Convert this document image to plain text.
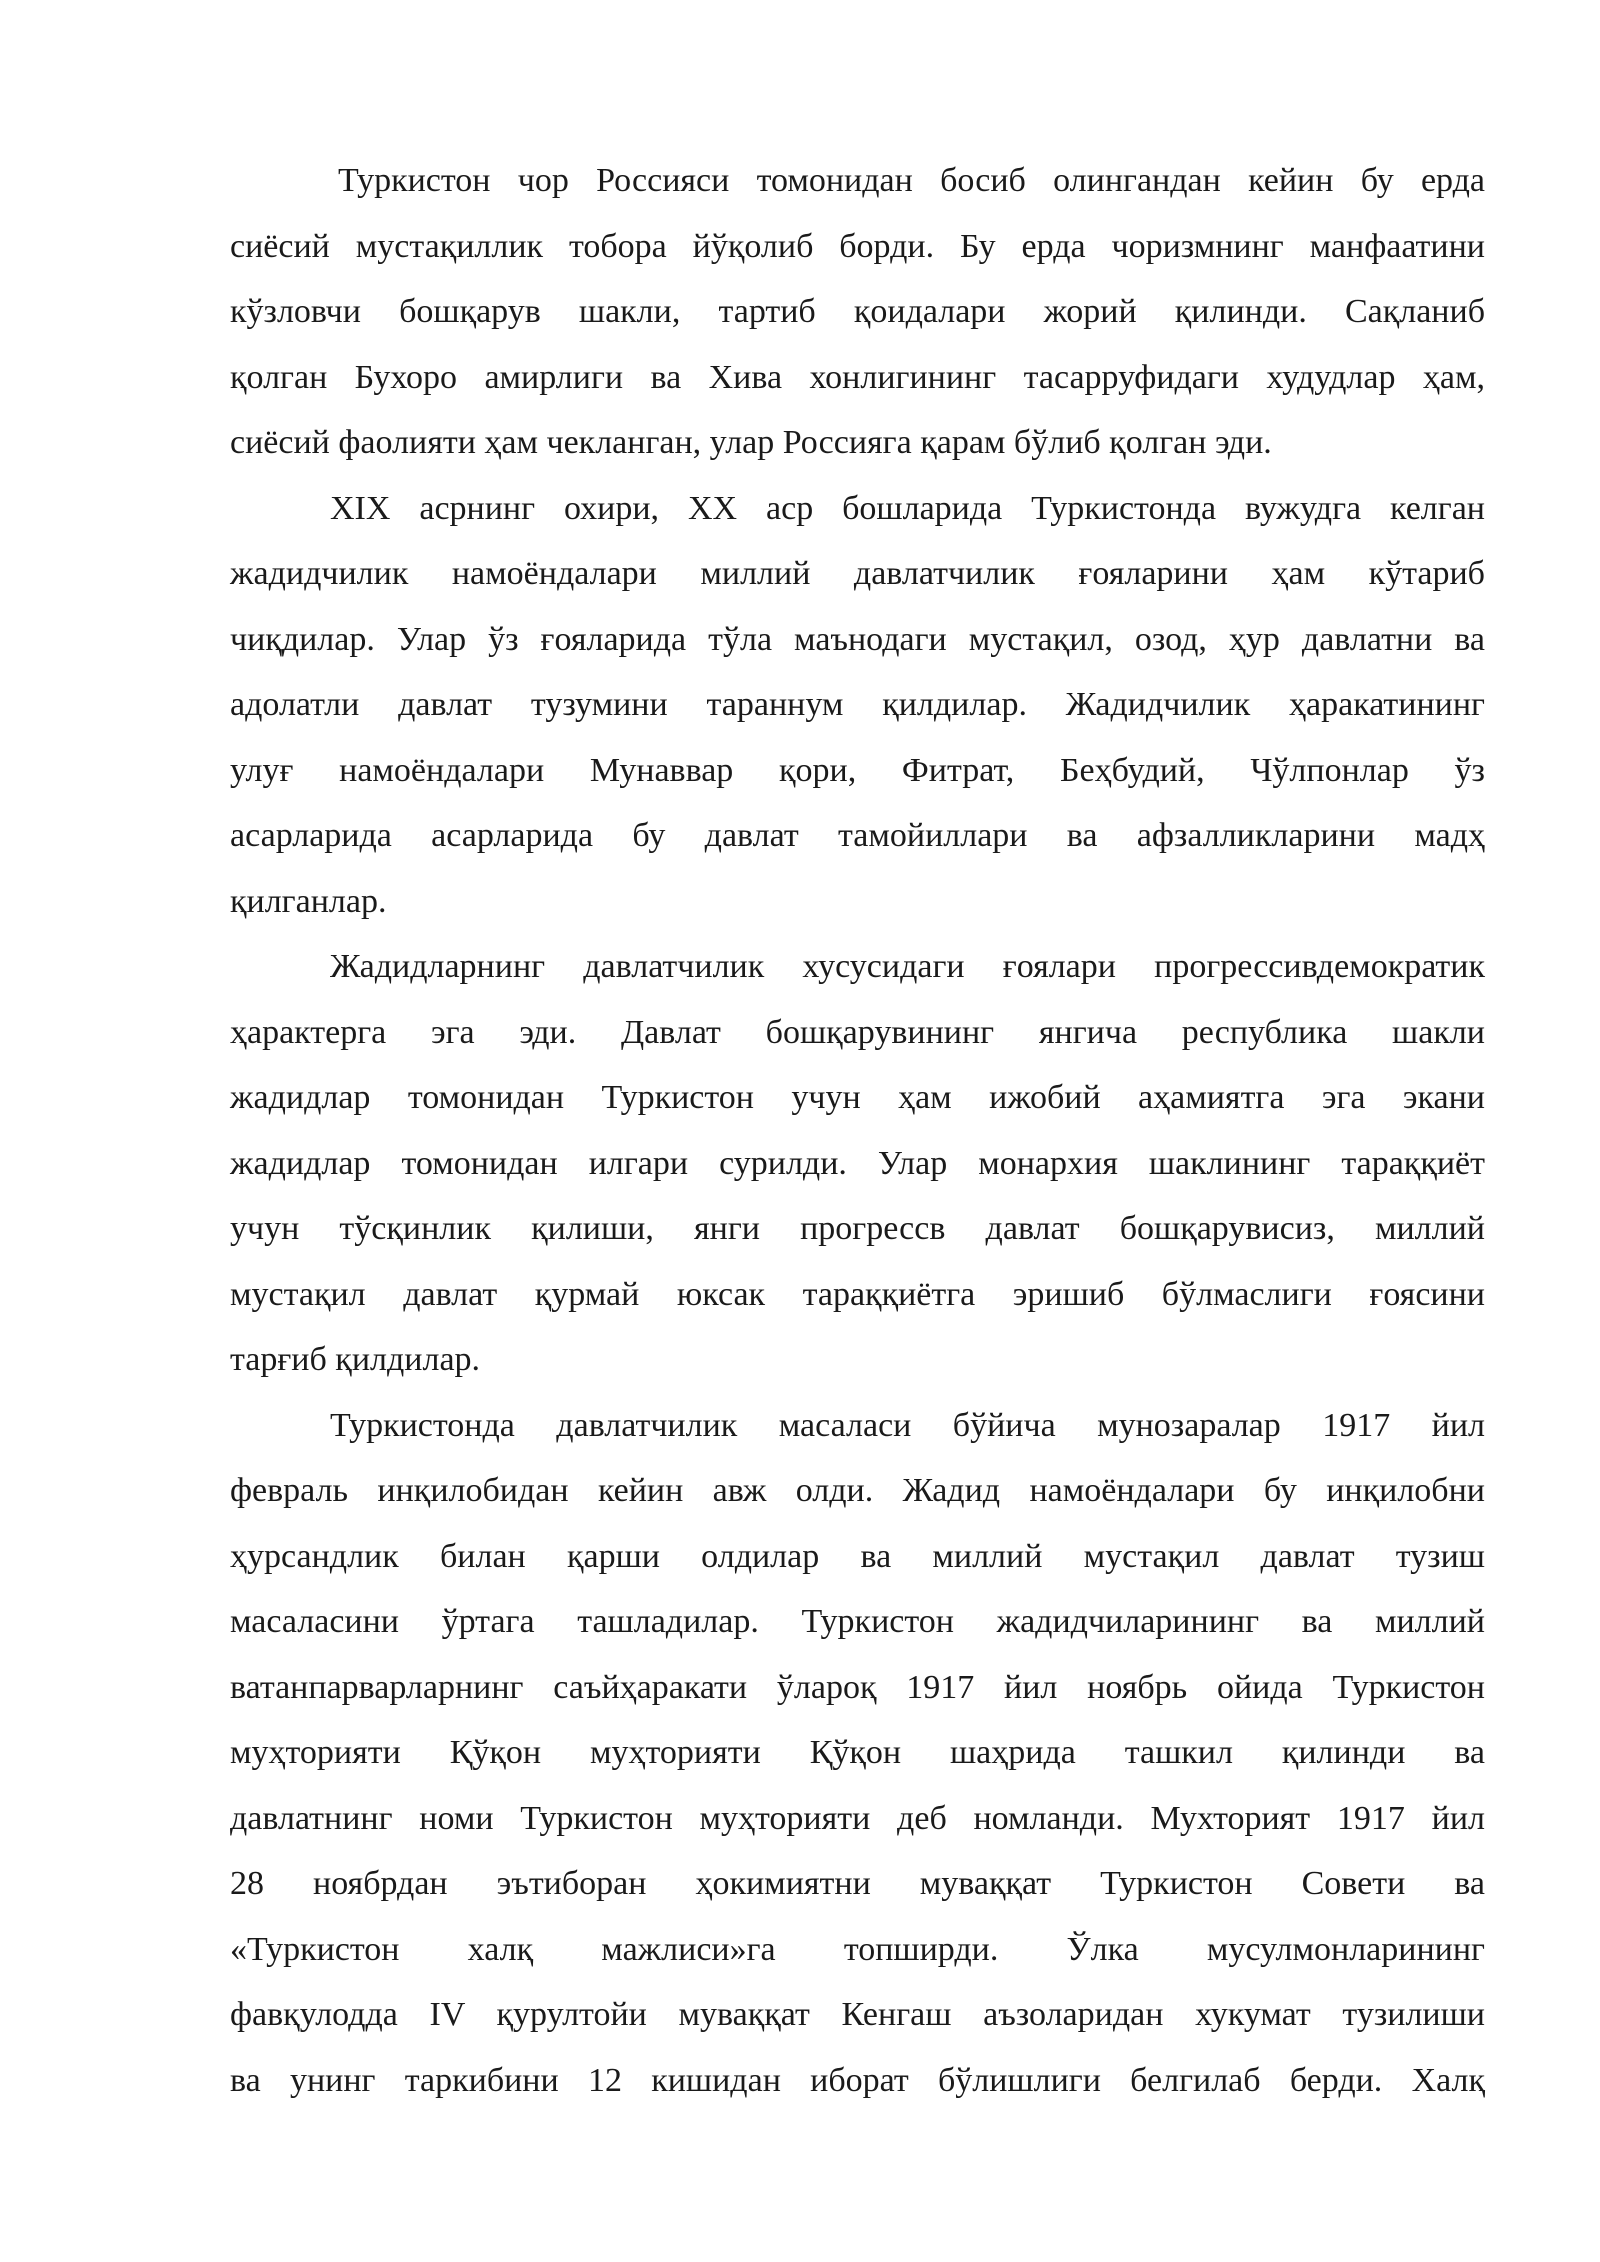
Туркистон чор Россияси томонидан босиб олингандан кейин бу ерда
сиёсий мустақиллик тобора йўқолиб борди. Бу ерда чоризмнинг манфаатини
кўзловчи бошқарув шакли, тартиб қоидалари жорий қилинди. Сақланиб
қолган Бухоро амирлиги ва Хива хонлигининг тасарруфидаги худудлар ҳам,
сиёсий фаолияти ҳам чекланган, улар Россияга қарам бўлиб қолган эди.
XIX асрнинг охири, XX аср бошларида Туркистонда вужудга келган
жадидчилик намоёндалари миллий давлатчилик ғояларини ҳам кўтариб
чиқдилар. Улар ўз ғояларида тўла маънодаги мустақил, озод, ҳур давлатни ва
адолатли давлат тузумини тараннум қилдилар. Жадидчилик ҳаракатининг
улуғ намоёндалари Мунаввар қори, Фитрат, Беҳбудий, Чўлпонлар ўз
асарларида асарларида бу давлат тамойиллари ва афзалликларини мадҳ
қилганлар.
Жадидларнинг давлатчилик хусусидаги ғоялари прогрессивдемократик
ҳарактерга эга эди. Давлат бошқарувининг янгича республика шакли
жадидлар томонидан Туркистон учун ҳам ижобий аҳамиятга эга экани
жадидлар томонидан илгари сурилди. Улар монархия шаклининг тараққиёт
учун тўсқинлик қилиши, янги прогрессв давлат бошқарувисиз, миллий
мустақил давлат қурмай юксак тараққиётга эришиб бўлмаслиги ғоясини
тарғиб қилдилар.
Туркистонда давлатчилик масаласи бўйича мунозаралар 1917 йил
февраль инқилобидан кейин авж олди. Жадид намоёндалари бу инқилобни
ҳурсандлик билан қарши олдилар ва миллий мустақил давлат тузиш
масаласини ўртага ташладилар. Туркистон жадидчиларининг ва миллий
ватанпарварларнинг саъйҳаракати ўлароқ 1917 йил ноябрь ойида Туркистон
муҳторияти Қўқон муҳторияти Қўқон шаҳрида ташкил қилинди ва
давлатнинг номи Туркистон муҳторияти деб номланди. Мухторият 1917 йил
28 ноябрдан эътиборан ҳокимиятни муваққат Туркистон Совети ва
«Туркистон халқ мажлиси»га топширди. Ўлка мусулмонларининг
фавқулодда IV қурултойи муваққат Кенгаш аъзоларидан хукумат тузилиши
ва унинг таркибини 12 кишидан иборат бўлишлиги белгилаб берди. Халқ
